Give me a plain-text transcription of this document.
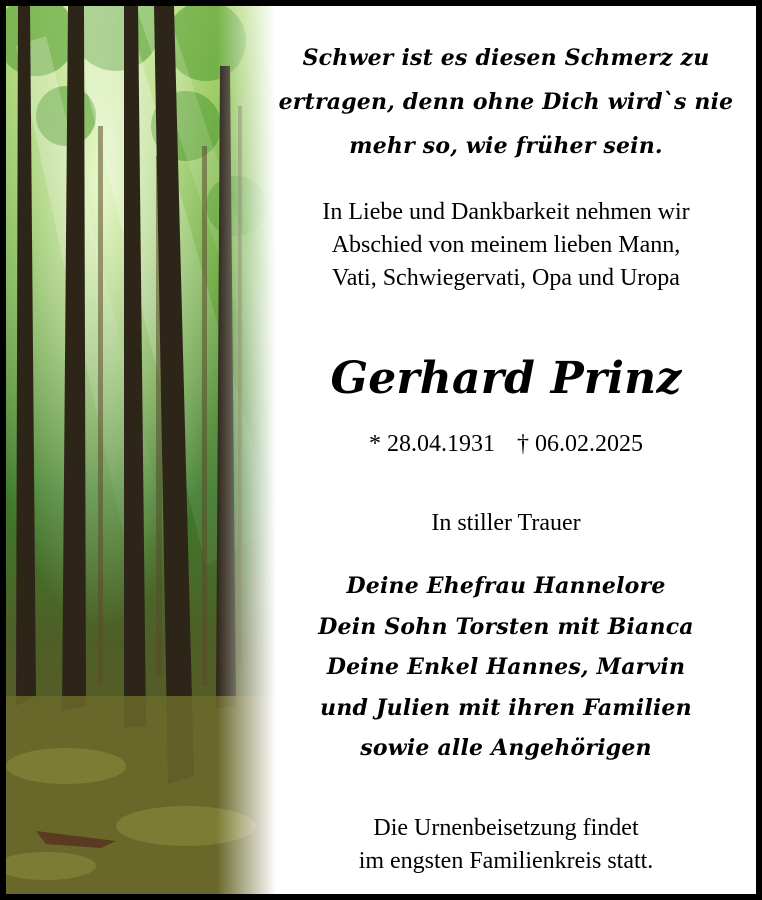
Schwer ist es diesen Schmerz zu
ertragen, denn ohne Dich wird`s nie
mehr so, wie früher sein.
In Liebe und Dankbarkeit nehmen wir
Abschied von meinem lieben Mann,
Vati, Schwiegervati, Opa und Uropa
Gerhard Prinz
* 28.04.1931 † 06.02.2025
In stiller Trauer
Deine Ehefrau Hannelore
Dein Sohn Torsten mit Bianca
Deine Enkel Hannes, Marvin
und Julien mit ihren Familien
sowie alle Angehörigen
Die Urnenbeisetzung findet
im engsten Familienkreis statt.
